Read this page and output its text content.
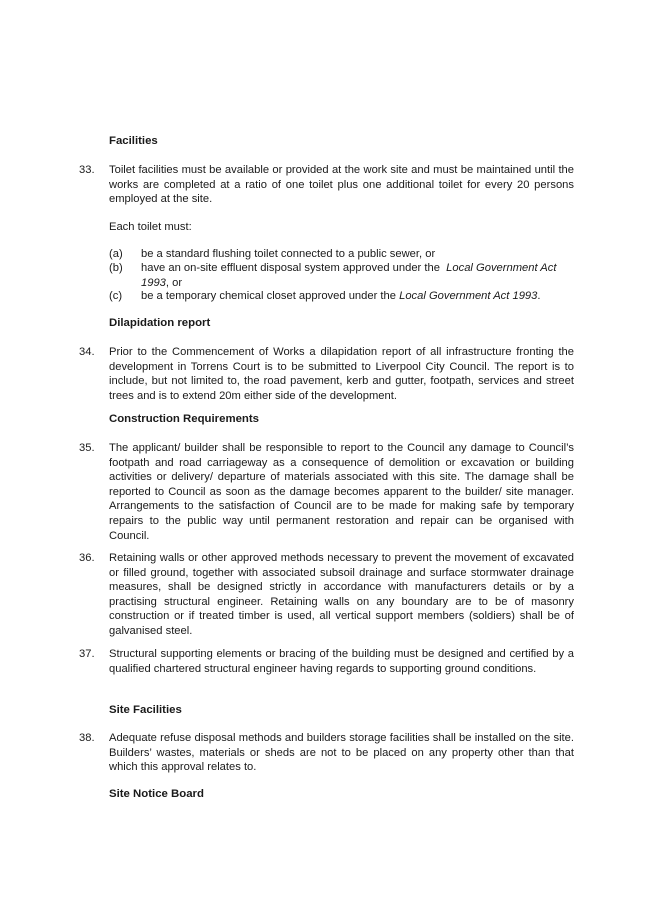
Facilities
33.	Toilet facilities must be available or provided at the work site and must be maintained until the works are completed at a ratio of one toilet plus one additional toilet for every 20 persons employed at the site.
Each toilet must:
(a)	be a standard flushing toilet connected to a public sewer, or
(b)	have an on-site effluent disposal system approved under the Local Government Act 1993, or
(c)	be a temporary chemical closet approved under the Local Government Act 1993.
Dilapidation report
34.	Prior to the Commencement of Works a dilapidation report of all infrastructure fronting the development in Torrens Court is to be submitted to Liverpool City Council. The report is to include, but not limited to, the road pavement, kerb and gutter, footpath, services and street trees and is to extend 20m either side of the development.
Construction Requirements
35.	The applicant/ builder shall be responsible to report to the Council any damage to Council’s footpath and road carriageway as a consequence of demolition or excavation or building activities or delivery/ departure of materials associated with this site. The damage shall be reported to Council as soon as the damage becomes apparent to the builder/ site manager. Arrangements to the satisfaction of Council are to be made for making safe by temporary repairs to the public way until permanent restoration and repair can be organised with Council.
36.	Retaining walls or other approved methods necessary to prevent the movement of excavated or filled ground, together with associated subsoil drainage and surface stormwater drainage measures, shall be designed strictly in accordance with manufacturers details or by a practising structural engineer. Retaining walls on any boundary are to be of masonry construction or if treated timber is used, all vertical support members (soldiers) shall be of galvanised steel.
37.	Structural supporting elements or bracing of the building must be designed and certified by a qualified chartered structural engineer having regards to supporting ground conditions.
Site Facilities
38.	Adequate refuse disposal methods and builders storage facilities shall be installed on the site. Builders’ wastes, materials or sheds are not to be placed on any property other than that which this approval relates to.
Site Notice Board
